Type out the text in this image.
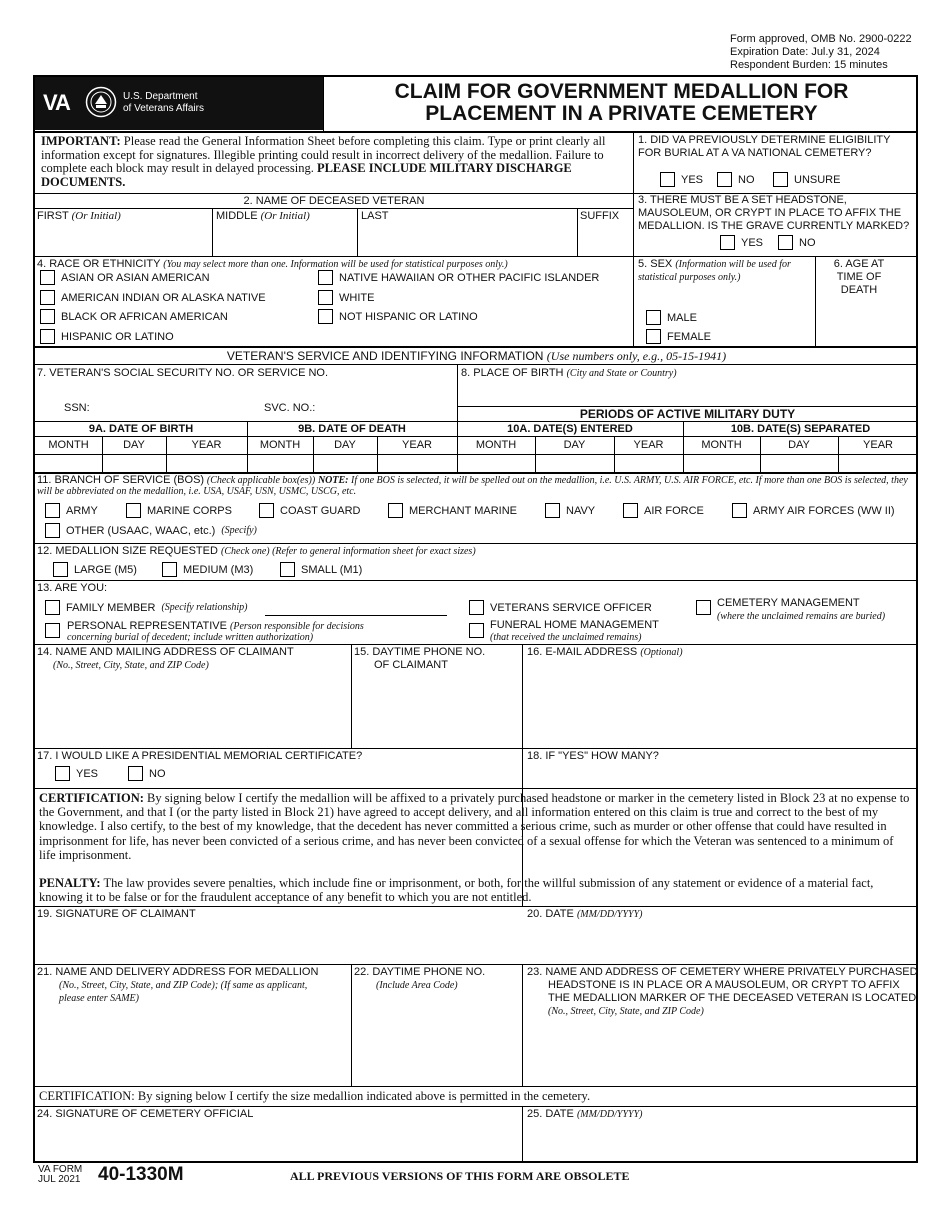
Form approved, OMB No. 2900-0222
Expiration Date: Jul.y 31, 2024
Respondent Burden: 15 minutes
VA	U.S. Department
of Veterans Affairs
CLAIM FOR GOVERNMENT MEDALLION FOR
PLACEMENT IN A PRIVATE CEMETERY
IMPORTANT: Please read the General Information Sheet before completing this claim. Type or print clearly all information except for signatures. Illegible printing could result in incorrect delivery of the medallion. Failure to complete each block may result in delayed processing. PLEASE INCLUDE MILITARY DISCHARGE DOCUMENTS.
1. DID VA PREVIOUSLY DETERMINE ELIGIBILITY FOR BURIAL AT A VA NATIONAL CEMETERY?
YES	NO	UNSURE
2. NAME OF DECEASED VETERAN
FIRST (Or Initial)	MIDDLE (Or Initial)	LAST	SUFFIX
3. THERE MUST BE A SET HEADSTONE, MAUSOLEUM, OR CRYPT IN PLACE TO AFFIX THE MEDALLION. IS THE GRAVE CURRENTLY MARKED?
YES	NO
4. RACE OR ETHNICITY (You may select more than one. Information will be used for statistical purposes only.)
ASIAN OR ASIAN AMERICAN
AMERICAN INDIAN OR ALASKA NATIVE
BLACK OR AFRICAN AMERICAN
HISPANIC OR LATINO
NATIVE HAWAIIAN OR OTHER PACIFIC ISLANDER
WHITE
NOT HISPANIC OR LATINO
5. SEX (Information will be used for statistical purposes only.)
MALE
FEMALE
6. AGE AT TIME OF DEATH
VETERAN'S SERVICE AND IDENTIFYING INFORMATION (Use numbers only, e.g., 05-15-1941)
7. VETERAN'S SOCIAL SECURITY NO. OR SERVICE NO.
SSN:	SVC. NO.:
8. PLACE OF BIRTH (City and State or Country)
PERIODS OF ACTIVE MILITARY DUTY
9A. DATE OF BIRTH	9B. DATE OF DEATH	10A. DATE(S) ENTERED	10B. DATE(S) SEPARATED
MONTH	DAY	YEAR	MONTH	DAY	YEAR	MONTH	DAY	YEAR	MONTH	DAY	YEAR
11. BRANCH OF SERVICE (BOS) (Check applicable box(es)) NOTE: If one BOS is selected, it will be spelled out on the medallion, i.e. U.S. ARMY, U.S. AIR FORCE, etc. If more than one BOS is selected, they will be abbreviated on the medallion, i.e. USA, USAF, USN, USMC, USCG, etc.
ARMY	MARINE CORPS	COAST GUARD	MERCHANT MARINE	NAVY	AIR FORCE	ARMY AIR FORCES (WW II)
OTHER (USAAC, WAAC, etc.) (Specify)
12. MEDALLION SIZE REQUESTED (Check one) (Refer to general information sheet for exact sizes)
LARGE (M5)	MEDIUM (M3)	SMALL (M1)
13. ARE YOU:
FAMILY MEMBER (Specify relationship)	VETERANS SERVICE OFFICER	CEMETERY MANAGEMENT
(where the unclaimed remains are buried)
PERSONAL REPRESENTATIVE (Person responsible for decisions
concerning burial of decedent; include written authorization)
FUNERAL HOME MANAGEMENT
(that received the unclaimed remains)
14. NAME AND MAILING ADDRESS OF CLAIMANT
(No., Street, City, State, and ZIP Code)
15. DAYTIME PHONE NO.
OF CLAIMANT
16. E-MAIL ADDRESS (Optional)
17. I WOULD LIKE A PRESIDENTIAL MEMORIAL CERTIFICATE?
YES	NO
18. IF "YES" HOW MANY?
CERTIFICATION: By signing below I certify the medallion will be affixed to a privately purchased headstone or marker in the cemetery listed in Block 23 at no expense to the Government, and that I (or the party listed in Block 21) have agreed to accept delivery, and all information entered on this claim is true and correct to the best of my knowledge. I also certify, to the best of my knowledge, that the decedent has never committed a serious crime, such as murder or other offense that could have resulted in imprisonment for life, has never been convicted of a serious crime, and has never been convicted of a sexual offense for which the Veteran was sentenced to a minimum of life imprisonment.
PENALTY: The law provides severe penalties, which include fine or imprisonment, or both, for the willful submission of any statement or evidence of a material fact, knowing it to be false or for the fraudulent acceptance of any benefit to which you are not entitled.
19. SIGNATURE OF CLAIMANT	20. DATE (MM/DD/YYYY)
21. NAME AND DELIVERY ADDRESS FOR MEDALLION
(No., Street, City, State, and ZIP Code); (If same as applicant,
please enter SAME)
22. DAYTIME PHONE NO.
(Include Area Code)
23. NAME AND ADDRESS OF CEMETERY WHERE PRIVATELY PURCHASED
HEADSTONE IS IN PLACE OR A MAUSOLEUM, OR CRYPT TO AFFIX
THE MEDALLION MARKER OF THE DECEASED VETERAN IS LOCATED
(No., Street, City, State, and ZIP Code)
CERTIFICATION: By signing below I certify the size medallion indicated above is permitted in the cemetery.
24. SIGNATURE OF CEMETERY OFFICIAL	25. DATE (MM/DD/YYYY)
VA FORM
JUL 2021 40-1330M	ALL PREVIOUS VERSIONS OF THIS FORM ARE OBSOLETE
